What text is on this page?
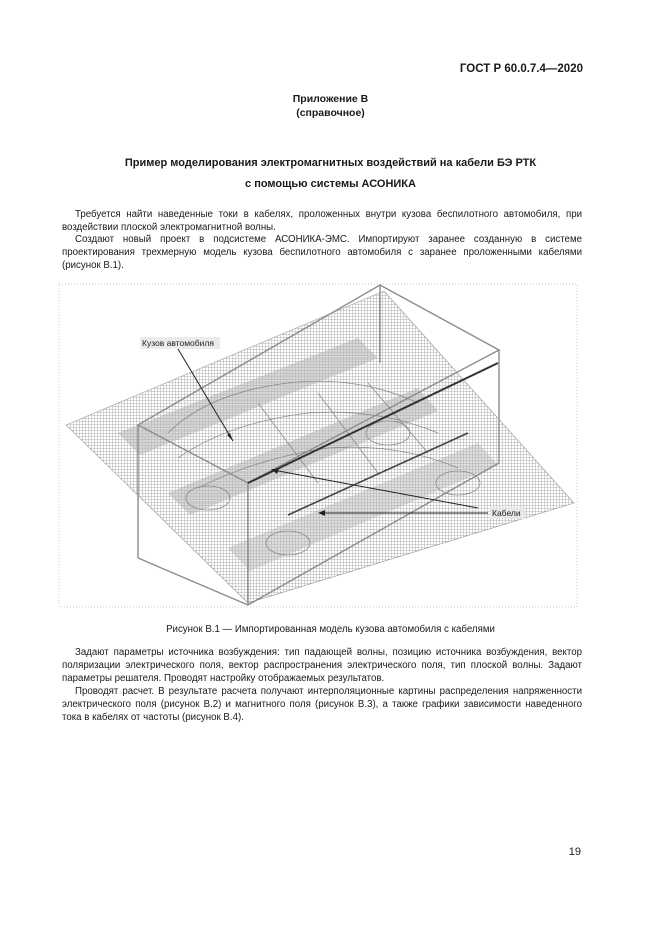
ГОСТ Р 60.0.7.4—2020
Приложение В
(справочное)
Пример моделирования электромагнитных воздействий на кабели БЭ РТК
с помощью системы АСОНИКА

Требуется найти наведенные токи в кабелях, проложенных внутри кузова беспилотного автомобиля, при воздействии плоской электромагнитной волны.

Создают новый проект в подсистеме АСОНИКА-ЭМС. Импортируют заранее созданную в системе проектирования трехмерную модель кузова беспилотного автомобиля с заранее проложенными кабелями (рисунок В.1).

Кузов автомобиля
Кабели
Рисунок В.1 — Импортированная модель кузова автомобиля с кабелями

Задают параметры источника возбуждения: тип падающей волны, позицию источника возбуждения, вектор поляризации электрического поля, вектор распространения электрического поля, тип плоской волны. Задают параметры решателя. Проводят настройку отображаемых результатов.

Проводят расчет. В результате расчета получают интерполяционные картины распределения напряженности электрического поля (рисунок В.2) и магнитного поля (рисунок В.3), а также графики зависимости наведенного тока в кабелях от частоты (рисунок В.4).

19
